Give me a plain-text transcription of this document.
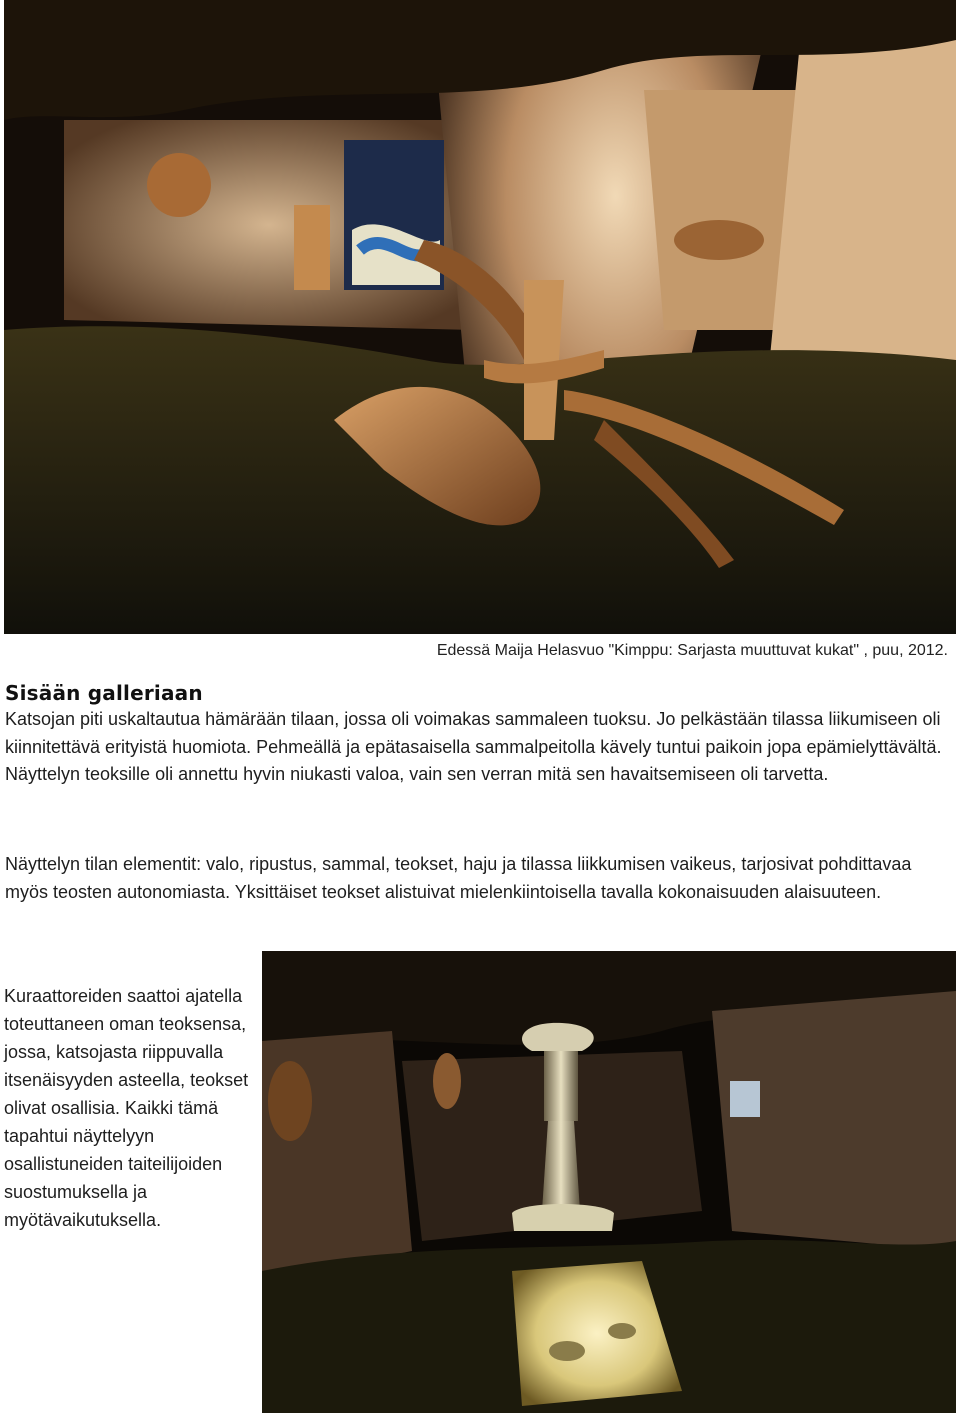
Edessä Maija Helasvuo "Kimppu: Sarjasta muuttuvat kukat" , puu, 2012.
Sisään galleriaan
Katsojan piti uskaltautua hämärään tilaan, jossa oli voimakas sammaleen tuoksu. Jo pelkästään tilassa liikumiseen oli kiinnitettävä erityistä huomiota. Pehmeällä ja epätasaisella sammalpeitolla kävely tuntui paikoin jopa epämielyttävältä. Näyttelyn teoksille oli annettu hyvin niukasti valoa, vain sen verran mitä sen havaitsemiseen oli tarvetta.
Näyttelyn tilan elementit: valo, ripustus, sammal, teokset, haju ja tilassa liikkumisen vaikeus, tarjosivat pohdittavaa myös teosten autonomiasta. Yksittäiset teokset alistuivat mielenkiintoisella tavalla kokonaisuuden alaisuuteen.
Kuraattoreiden saattoi ajatella toteuttaneen oman teoksensa, jossa, katsojasta riippuvalla itsenäisyyden asteella, teokset olivat osallisia. Kaikki tämä tapahtui näyttelyyn osallistuneiden taiteilijoiden suostumuksella ja myötävaikutuksella.
